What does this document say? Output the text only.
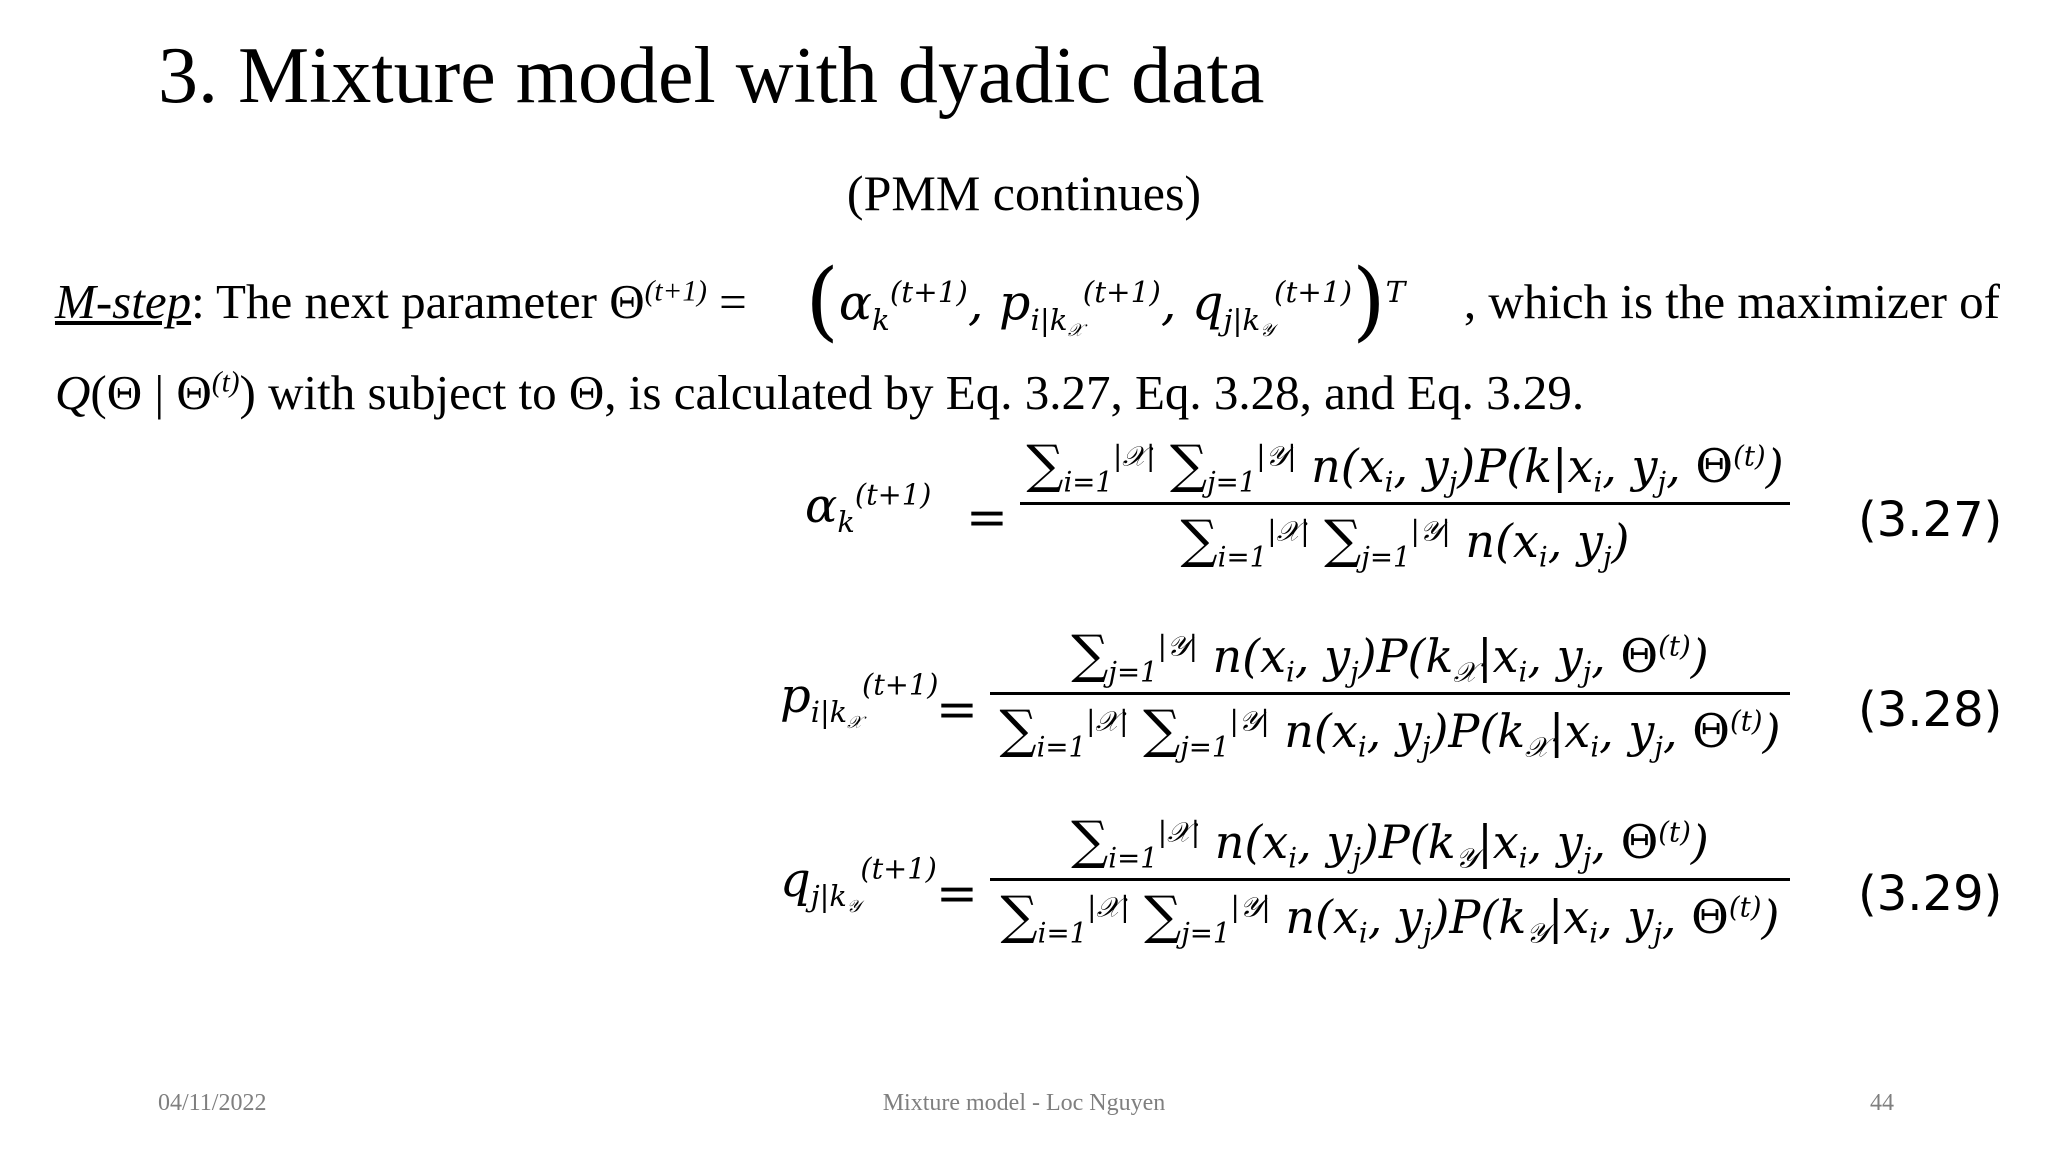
3. Mixture model with dyadic data
(PMM continues)
M-step: The next parameter $\Theta^{(t+1)} = (\alpha_k^{(t+1)}$, $p_{i|k_𝒳}^{(t+1)}$, $q_{j|k_𝒴}^{(t+1)})^T$ , which is the maximizer of
Q(Θ | $\Theta^{(t)}$) with subject to Θ, is calculated by Eq. 3.27, Eq. 3.28, and Eq. 3.29.
$\alpha_k^{(t+1)}$ =
$\sum_{i=1}^{|𝒳|}$ $\sum_{j=1}^{|𝒴|}$ $n(x_i$, $y_j)P(k|x_i$, $y_j$, $\Theta^{(t)}$)
$\sum_{i=1}^{|𝒳|}$ $\sum_{j=1}^{|𝒴|}$ $n(x_i$, $y_j$)	(3.27)
$p_{i|k_𝒳}^{(t+1)}$
=
$\sum_{j=1}^{|𝒴|}$ $n(x_i$, $y_j)P(k_𝒳|x_i$, $y_j$, $\Theta^{(t)}$)
$\sum_{i=1}^{|𝒳|}$ $\sum_{j=1}^{|𝒴|}$ $n(x_i$, $y_j)P(k_𝒳|x_i$, $y_j$, $\Theta^{(t)}$) (3.28)
$q_{j|k_𝒴}^{(t+1)}$ =
$\sum_{i=1}^{|𝒳|}$ $n(x_i$, $y_j)P(k_𝒴|x_i$, $y_j$, $\Theta^{(t)}$)
$\sum_{i=1}^{|𝒳|}$ $\sum_{j=1}^{|𝒴|}$ $n(x_i$, $y_j)P(k_𝒴|x_i$, $y_j$, $\Theta^{(t)}$) (3.29)
04/11/2022	Mixture model - Loc Nguyen	44
